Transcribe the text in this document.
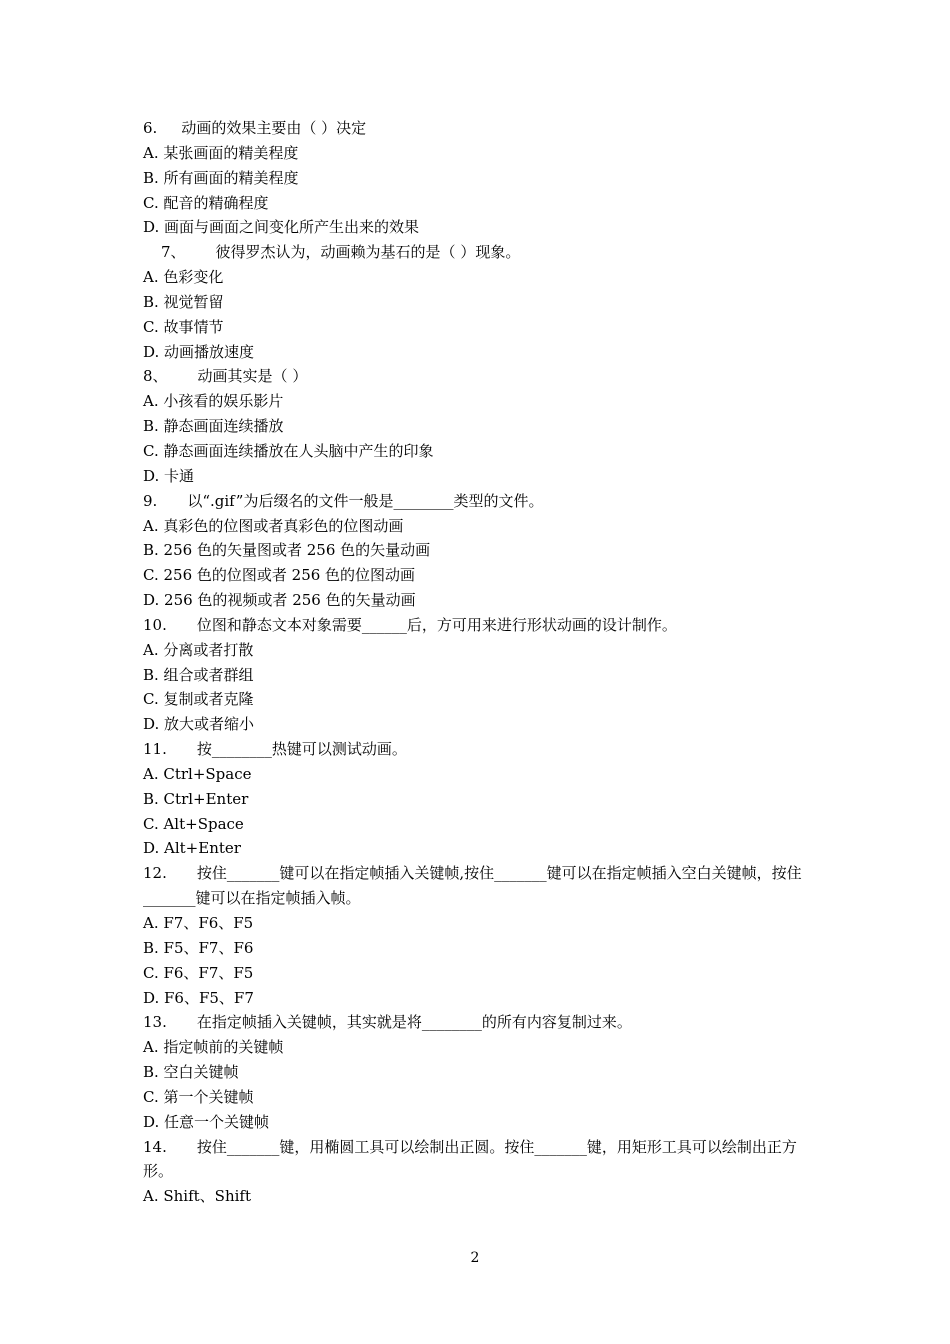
6. 动画的效果主要由（ ）决定
A. 某张画面的精美程度
B. 所有画面的精美程度
C. 配音的精确程度
D. 画面与画面之间变化所产生出来的效果
7、 彼得罗杰认为，动画赖为基石的是（ ）现象。
A. 色彩变化
B. 视觉暂留
C. 故事情节
D. 动画播放速度
8、 动画其实是（ ）
A. 小孩看的娱乐影片
B. 静态画面连续播放
C. 静态画面连续播放在人头脑中产生的印象
D. 卡通
9. 以“.gif”为后缀名的文件一般是________类型的文件。
A. 真彩色的位图或者真彩色的位图动画
B. 256 色的矢量图或者 256 色的矢量动画
C. 256 色的位图或者 256 色的位图动画
D. 256 色的视频或者 256 色的矢量动画
10. 位图和静态文本对象需要______后，方可用来进行形状动画的设计制作。
A. 分离或者打散
B. 组合或者群组
C. 复制或者克隆
D. 放大或者缩小
11. 按________热键可以测试动画。
A. Ctrl+Space
B. Ctrl+Enter
C. Alt+Space
D. Alt+Enter
12. 按住_______键可以在指定帧插入关键帧,按住_______键可以在指定帧插入空白关键帧，按住_______键可以在指定帧插入帧。
A. F7、F6、F5
B. F5、F7、F6
C. F6、F7、F5
D. F6、F5、F7
13. 在指定帧插入关键帧，其实就是将________的所有内容复制过来。
A. 指定帧前的关键帧
B. 空白关键帧
C. 第一个关键帧
D. 任意一个关键帧
14. 按住_______键，用椭圆工具可以绘制出正圆。按住_______键，用矩形工具可以绘制出正方形。
A. Shift、Shift
2
